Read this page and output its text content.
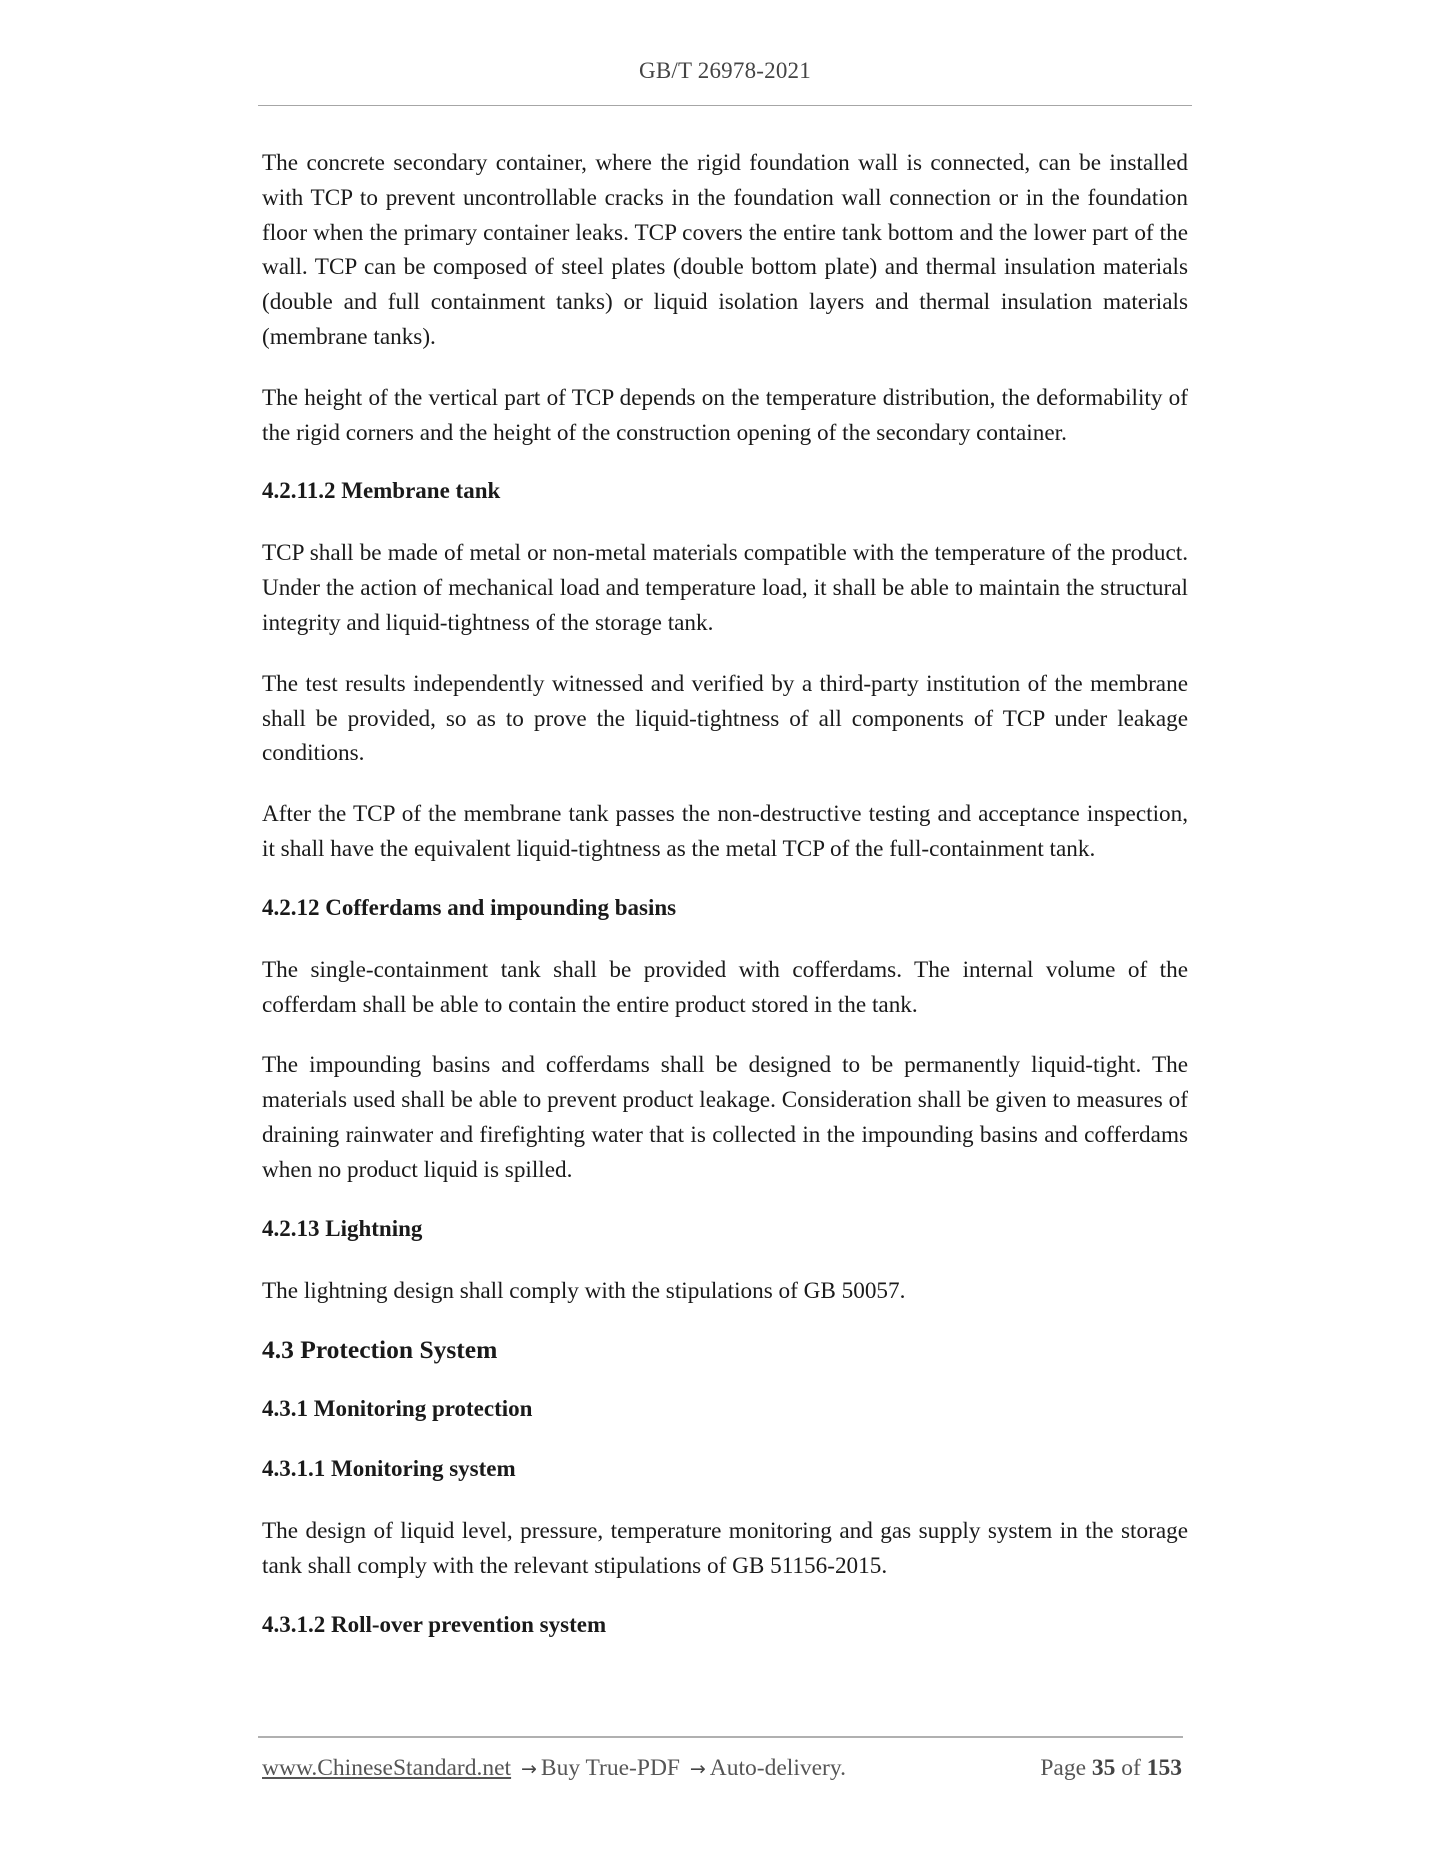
GB/T 26978-2021

The concrete secondary container, where the rigid foundation wall is connected, can be installed with TCP to prevent uncontrollable cracks in the foundation wall connection or in the foundation floor when the primary container leaks. TCP covers the entire tank bottom and the lower part of the wall. TCP can be composed of steel plates (double bottom plate) and thermal insulation materials (double and full containment tanks) or liquid isolation layers and thermal insulation materials (membrane tanks).

The height of the vertical part of TCP depends on the temperature distribution, the deformability of the rigid corners and the height of the construction opening of the secondary container.

4.2.11.2 Membrane tank

TCP shall be made of metal or non-metal materials compatible with the temperature of the product. Under the action of mechanical load and temperature load, it shall be able to maintain the structural integrity and liquid-tightness of the storage tank.

The test results independently witnessed and verified by a third-party institution of the membrane shall be provided, so as to prove the liquid-tightness of all components of TCP under leakage conditions.

After the TCP of the membrane tank passes the non-destructive testing and acceptance inspection, it shall have the equivalent liquid-tightness as the metal TCP of the full-containment tank.

4.2.12 Cofferdams and impounding basins

The single-containment tank shall be provided with cofferdams. The internal volume of the cofferdam shall be able to contain the entire product stored in the tank.

The impounding basins and cofferdams shall be designed to be permanently liquid-tight. The materials used shall be able to prevent product leakage. Consideration shall be given to measures of draining rainwater and firefighting water that is collected in the impounding basins and cofferdams when no product liquid is spilled.

4.2.13 Lightning

The lightning design shall comply with the stipulations of GB 50057.

4.3 Protection System
4.3.1 Monitoring protection
4.3.1.1 Monitoring system

The design of liquid level, pressure, temperature monitoring and gas supply system in the storage tank shall comply with the relevant stipulations of GB 51156-2015.

4.3.1.2 Roll-over prevention system
www.ChineseStandard.net → Buy True-PDF → Auto-delivery.	Page 35 of 153
